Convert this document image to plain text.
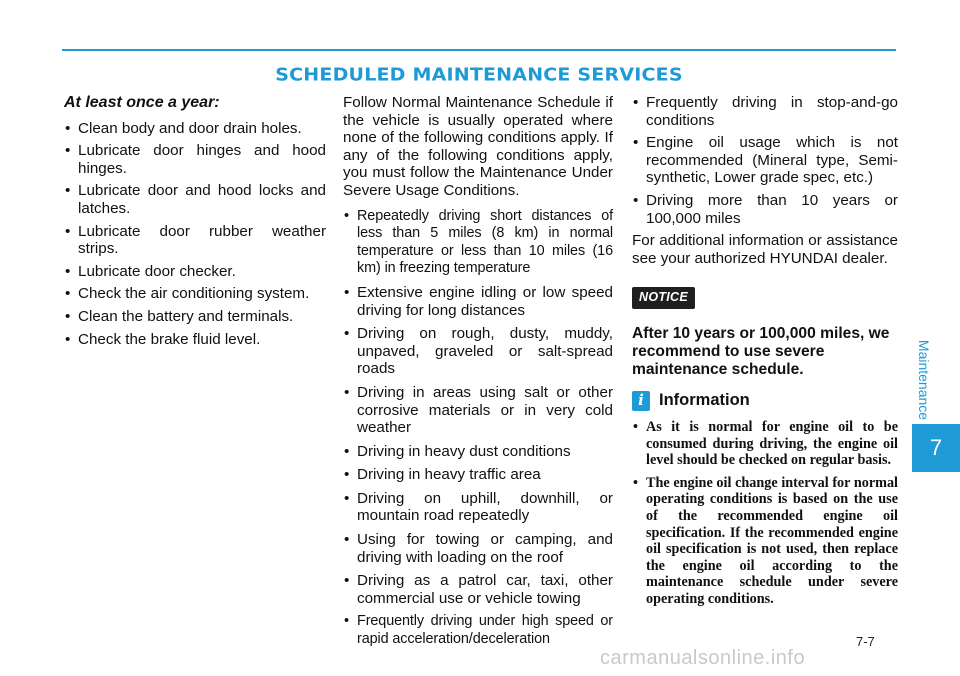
SCHEDULED MAINTENANCE SERVICES
At least once a year:
• Clean body and door drain holes.
• Lubricate door hinges and hood hinges.
• Lubricate door and hood locks and latches.
• Lubricate door rubber weather strips.
• Lubricate door checker.
• Check the air conditioning system.
• Clean the battery and terminals.
• Check the brake fluid level.

Follow Normal Maintenance Schedule if the vehicle is usually operated where none of the following conditions apply. If any of the following conditions apply, you must follow the Maintenance Under Severe Usage Conditions.

• Repeatedly driving short distances of less than 5 miles (8 km) in normal temperature or less than 10 miles (16 km) in freezing temperature
• Extensive engine idling or low speed driving for long distances
• Driving on rough, dusty, muddy, unpaved, graveled or salt-spread roads
• Driving in areas using salt or other corrosive materials or in very cold weather
• Driving in heavy dust conditions
• Driving in heavy traffic area
• Driving on uphill, downhill, or mountain road repeatedly
• Using for towing or camping, and driving with loading on the roof
• Driving as a patrol car, taxi, other commercial use or vehicle towing
• Frequently driving under high speed or rapid acceleration/deceleration
• Frequently driving in stop-and-go conditions
• Engine oil usage which is not recommended (Mineral type, Semi-synthetic, Lower grade spec, etc.)
• Driving more than 10 years or 100,000 miles

For additional information or assistance see your authorized HYUNDAI dealer.

NOTICE
After 10 years or 100,000 miles, we recommend to use severe maintenance schedule.
i Information
• As it is normal for engine oil to be consumed during driving, the engine oil level should be checked on regular basis.
• The engine oil change interval for normal operating conditions is based on the use of the recommended engine oil specification. If the recommended engine oil specification is not used, then replace the engine oil according to the maintenance schedule under severe operating conditions.
Maintenance
7
7-7
carmanualsonline.info
